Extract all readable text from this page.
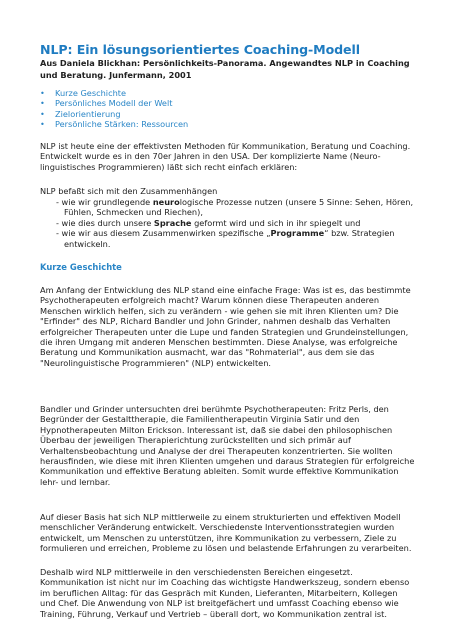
NLP: Ein lösungsorientiertes Coaching-Modell

Aus Daniela Blickhan: Persönlichkeits-Panorama. Angewandtes NLP in Coaching und Beratung. Junfermann, 2001

• Kurze Geschichte
• Persönliches Modell der Welt
• Zielorientierung
• Persönliche Stärken: Ressourcen

NLP ist heute eine der effektivsten Methoden für Kommunikation, Beratung und Coaching. Entwickelt wurde es in den 70er Jahren in den USA. Der komplizierte Name (Neuro-linguistisches Programmieren) läßt sich recht einfach erklären:

NLP befaßt sich mit den Zusammenhängen

- wie wir grundlegende neurologische Prozesse nutzen (unsere 5 Sinne: Sehen, Hören, Fühlen, Schmecken und Riechen),
- wie dies durch unsere Sprache geformt wird und sich in ihr spiegelt und
- wie wir aus diesem Zusammenwirken spezifische „Programme“ bzw. Strategien entwickeln.
Kurze Geschichte

Am Anfang der Entwicklung des NLP stand eine einfache Frage: Was ist es, das bestimmte Psychotherapeuten erfolgreich macht? Warum können diese Therapeuten anderen Menschen wirklich helfen, sich zu verändern - wie gehen sie mit ihren Klienten um? Die "Erfinder" des NLP, Richard Bandler und John Grinder, nahmen deshalb das Verhalten erfolgreicher Therapeuten unter die Lupe und fanden Strategien und Grundeinstellungen, die ihren Umgang mit anderen Menschen bestimmten. Diese Analyse, was erfolgreiche Beratung und Kommunikation ausmacht, war das "Rohmaterial", aus dem sie das "Neurolinguistische Programmieren" (NLP) entwickelten.

Bandler und Grinder untersuchten drei berühmte Psychotherapeuten: Fritz Perls, den Begründer der Gestalttherapie, die Familientherapeutin Virginia Satir und den Hypnotherapeuten Milton Erickson. Interessant ist, daß sie dabei den philosophischen Überbau der jeweiligen Therapierichtung zurückstellten und sich primär auf Verhaltensbeobachtung und Analyse der drei Therapeuten konzentrierten. Sie wollten herausfinden, wie diese mit ihren Klienten umgehen und daraus Strategien für erfolgreiche Kommunikation und effektive Beratung ableiten. Somit wurde effektive Kommunikation lehr- und lernbar.

Auf dieser Basis hat sich NLP mittlerweile zu einem strukturierten und effektiven Modell menschlicher Veränderung entwickelt. Verschiedenste Interventionsstrategien wurden entwickelt, um Menschen zu unterstützen, ihre Kommunikation zu verbessern, Ziele zu formulieren und erreichen, Probleme zu lösen und belastende Erfahrungen zu verarbeiten.

Deshalb wird NLP mittlerweile in den verschiedensten Bereichen eingesetzt. Kommunikation ist nicht nur im Coaching das wichtigste Handwerkszeug, sondern ebenso im beruflichen Alltag: für das Gespräch mit Kunden, Lieferanten, Mitarbeitern, Kollegen und Chef. Die Anwendung von NLP ist breitgefächert und umfasst Coaching ebenso wie Training, Führung, Verkauf und Vertrieb – überall dort, wo Kommunikation zentral ist.
